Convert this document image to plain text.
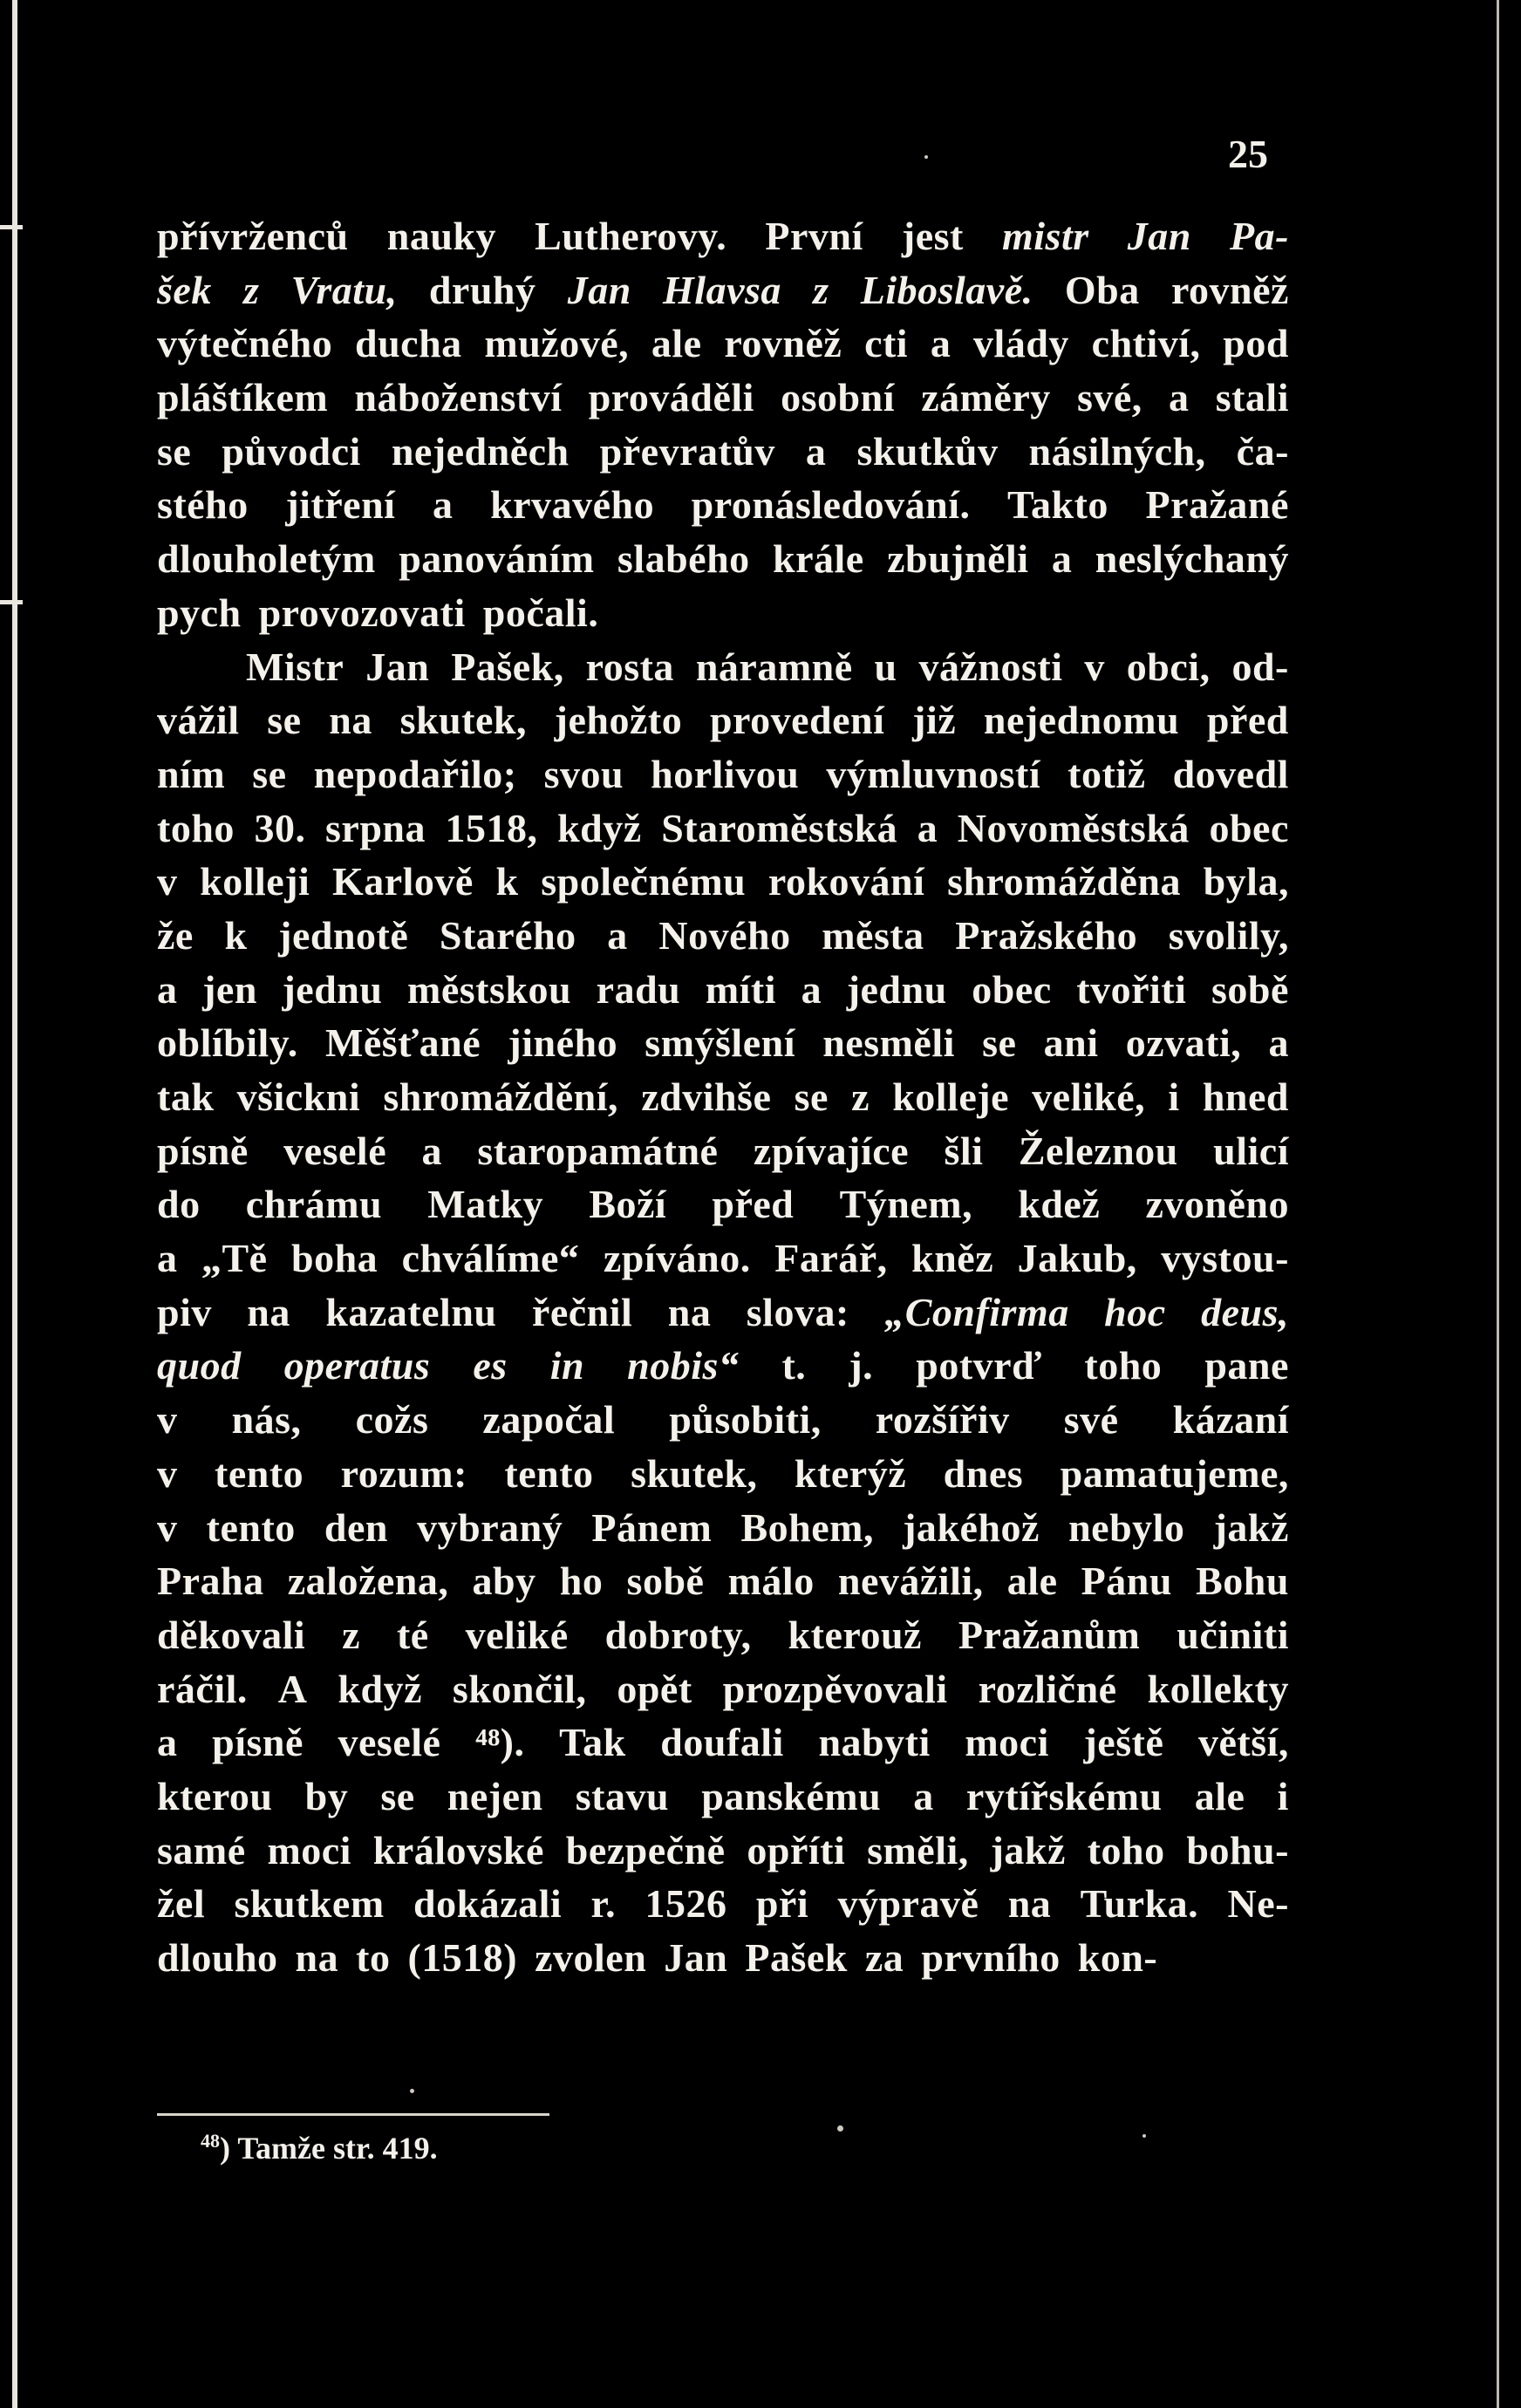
25
přívrženců nauky Lutherovy. První jest mistr Jan Pa-
šek z Vratu, druhý Jan Hlavsa z Liboslavě. Oba rovněž
výtečného ducha mužové, ale rovněž cti a vlády chtiví, pod
pláštíkem náboženství prováděli osobní záměry své, a stali
se původci nejedněch převratův a skutkův násilných, ča-
stého jitření a krvavého pronásledování. Takto Pražané
dlouholetým panováním slabého krále zbujněli a neslýchaný
pych provozovati počali.
Mistr Jan Pašek, rosta náramně u vážnosti v obci, od-
vážil se na skutek, jehožto provedení již nejednomu před
ním se nepodařilo; svou horlivou výmluvností totiž dovedl
toho 30. srpna 1518, když Staroměstská a Novoměstská obec
v kolleji Karlově k společnému rokování shromážděna byla,
že k jednotě Starého a Nového města Pražského svolily,
a jen jednu městskou radu míti a jednu obec tvořiti sobě
oblíbily. Měšťané jiného smýšlení nesměli se ani ozvati, a
tak všickni shromáždění, zdvihše se z kolleje veliké, i hned
písně veselé a staropamátné zpívajíce šli Železnou ulicí
do chrámu Matky Boží před Týnem, kdež zvoněno
a „Tě boha chválíme“ zpíváno. Farář, kněz Jakub, vystou-
piv na kazatelnu řečnil na slova: „Confirma hoc deus,
quod operatus es in nobis“ t. j. potvrď toho pane
v nás, cožs započal působiti, rozšířiv své kázaní
v tento rozum: tento skutek, kterýž dnes pamatujeme,
v tento den vybraný Pánem Bohem, jakéhož nebylo jakž
Praha založena, aby ho sobě málo nevážili, ale Pánu Bohu
děkovali z té veliké dobroty, kterouž Pražanům učiniti
ráčil. A když skončil, opět prozpěvovali rozličné kollekty
a písně veselé ⁴⁸). Tak doufali nabyti moci ještě větší,
kterou by se nejen stavu panskému a rytířskému ale i
samé moci královské bezpečně opříti směli, jakž toho bohu-
žel skutkem dokázali r. 1526 při výpravě na Turka. Ne-
dlouho na to (1518) zvolen Jan Pašek za prvního kon-
$^{48}$) Tamže str. 419.
